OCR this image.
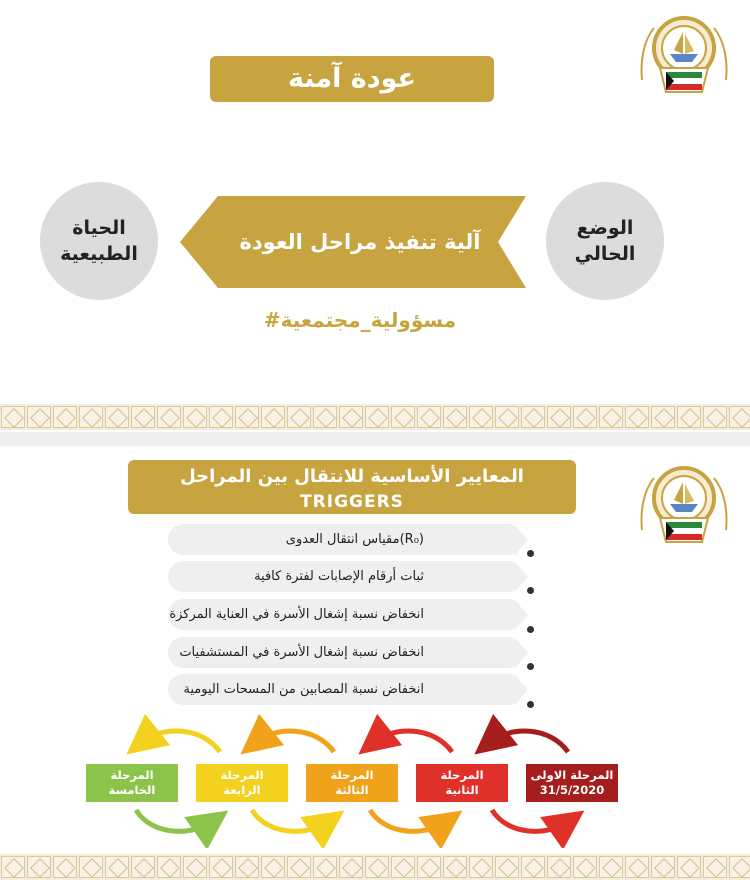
عودة آمنة
الحياة
الطبيعية	آلية تنفيذ مراحل العودة
الوضع
الحالي
#مسؤولية_مجتمعية
المعايير الأساسية للانتقال بين المراحل
TRIGGERS
مقياس انتقال العدوى(R₀)
ثبات أرقام الإصابات لفترة كافية
انخفاض نسبة إشغال الأسرة في العناية المركزة
انخفاض نسبة إشغال الأسرة في المستشفيات
انخفاض نسبة المصابين من المسحات اليومية
المرحلة الاولى
31/5/2020
المرحلة
الثانية
المرحلة
الثالثة
المرحلة
الرابعة
المرحلة
الخامسة
